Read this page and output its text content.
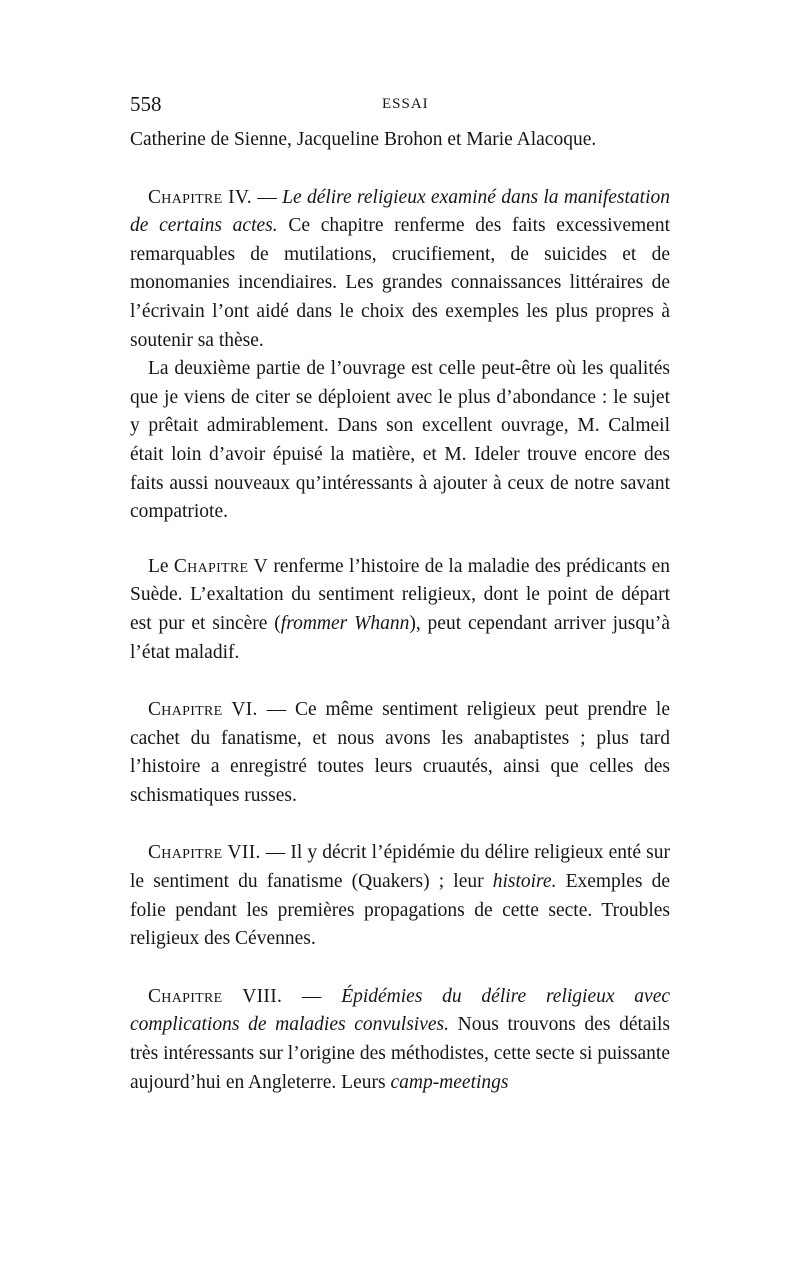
558	ESSAI

Catherine de Sienne, Jacqueline Brohon et Marie Alacoque.

Chapitre IV. — Le délire religieux examiné dans la manifestation de certains actes. Ce chapitre renferme des faits excessivement remarquables de mutilations, crucifiement, de suicides et de monomanies incendiaires. Les grandes connaissances littéraires de l’écrivain l’ont aidé dans le choix des exemples les plus propres à soutenir sa thèse.

La deuxième partie de l’ouvrage est celle peut-être où les qualités que je viens de citer se déploient avec le plus d’abondance : le sujet y prêtait admirablement. Dans son excellent ouvrage, M. Calmeil était loin d’avoir épuisé la matière, et M. Ideler trouve encore des faits aussi nouveaux qu’intéressants à ajouter à ceux de notre savant compatriote.

Le Chapitre V renferme l’histoire de la maladie des prédicants en Suède. L’exaltation du sentiment religieux, dont le point de départ est pur et sincère (frommer Whann), peut cependant arriver jusqu’à l’état maladif.

Chapitre VI. — Ce même sentiment religieux peut prendre le cachet du fanatisme, et nous avons les anabaptistes ; plus tard l’histoire a enregistré toutes leurs cruautés, ainsi que celles des schismatiques russes.

Chapitre VII. — Il y décrit l’épidémie du délire religieux enté sur le sentiment du fanatisme (Quakers) ; leur histoire. Exemples de folie pendant les premières propagations de cette secte. Troubles religieux des Cévennes.

Chapitre VIII. — Épidémies du délire religieux avec complications de maladies convulsives. Nous trouvons des détails très intéressants sur l’origine des méthodistes, cette secte si puissante aujourd’hui en Angleterre. Leurs camp-meetings
